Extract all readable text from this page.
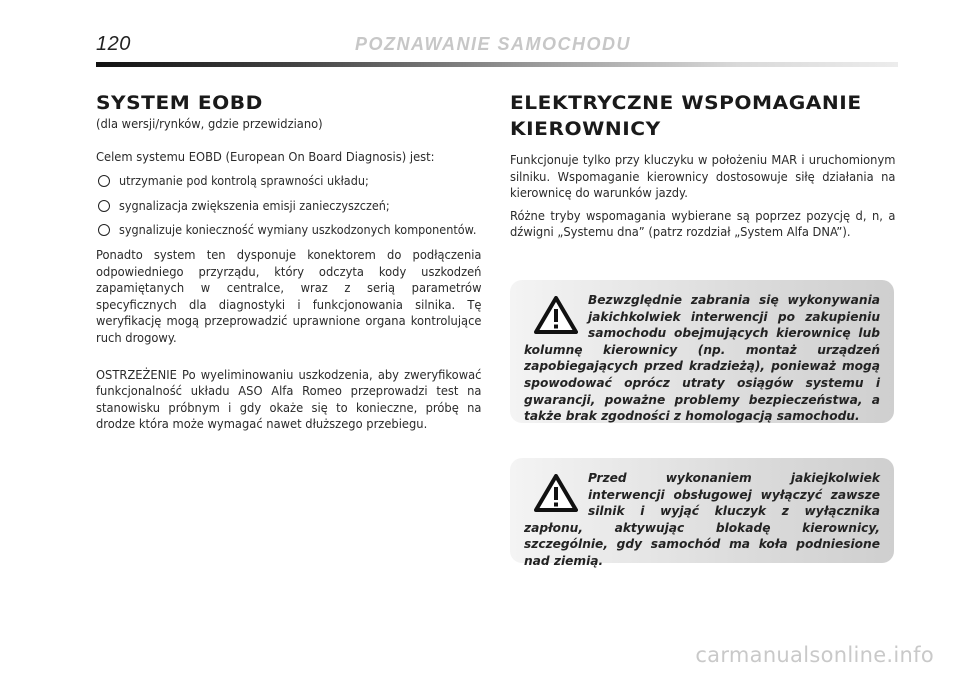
120	POZNAWANIE SAMOCHODU
SYSTEM EOBD

(dla wersji/rynków, gdzie przewidziano)

Celem systemu EOBD (European On Board Diagnosis) jest:

utrzymanie pod kontrolą sprawności układu;
sygnalizacja zwiększenia emisji zanieczyszczeń;
sygnalizuje konieczność wymiany uszkodzonych komponentów.

Ponadto system ten dysponuje konektorem do podłączenia odpowiedniego przyrządu, który odczyta kody uszkodzeń zapamiętanych w centralce, wraz z serią parametrów specyficznych dla diagnostyki i funkcjonowania silnika. Tę weryfikację mogą przeprowadzić uprawnione organa kontrolujące ruch drogowy.

OSTRZEŻENIE Po wyeliminowaniu uszkodzenia, aby zweryfikować funkcjonalność układu ASO Alfa Romeo przeprowadzi test na stanowisku próbnym i gdy okaże się to konieczne, próbę na drodze która może wymagać nawet dłuższego przebiegu.

ELEKTRYCZNE WSPOMAGANIE
KIEROWNICY

Funkcjonuje tylko przy kluczyku w położeniu MAR i uruchomionym silniku. Wspomaganie kierownicy dostosowuje siłę działania na kierownicę do warunków jazdy.

Różne tryby wspomagania wybierane są poprzez pozycję d, n, a dźwigni „Systemu dna” (patrz rozdział „System Alfa DNA”).

Bezwzględnie zabrania się wykonywania jakichkolwiek interwencji po zakupieniu samochodu obejmujących kierownicę lub kolumnę kierownicy (np. montaż urządzeń zapobiegających przed kradzieżą), ponieważ mogą spowodować oprócz utraty osiągów systemu i gwarancji, poważne problemy bezpieczeństwa, a także brak zgodności z homologacją samochodu.

Przed wykonaniem jakiejkolwiek interwencji obsługowej wyłączyć zawsze silnik i wyjąć kluczyk z wyłącznika zapłonu, aktywując blokadę kierownicy, szczególnie, gdy samochód ma koła podniesione nad ziemią.

carmanualsonline.info
